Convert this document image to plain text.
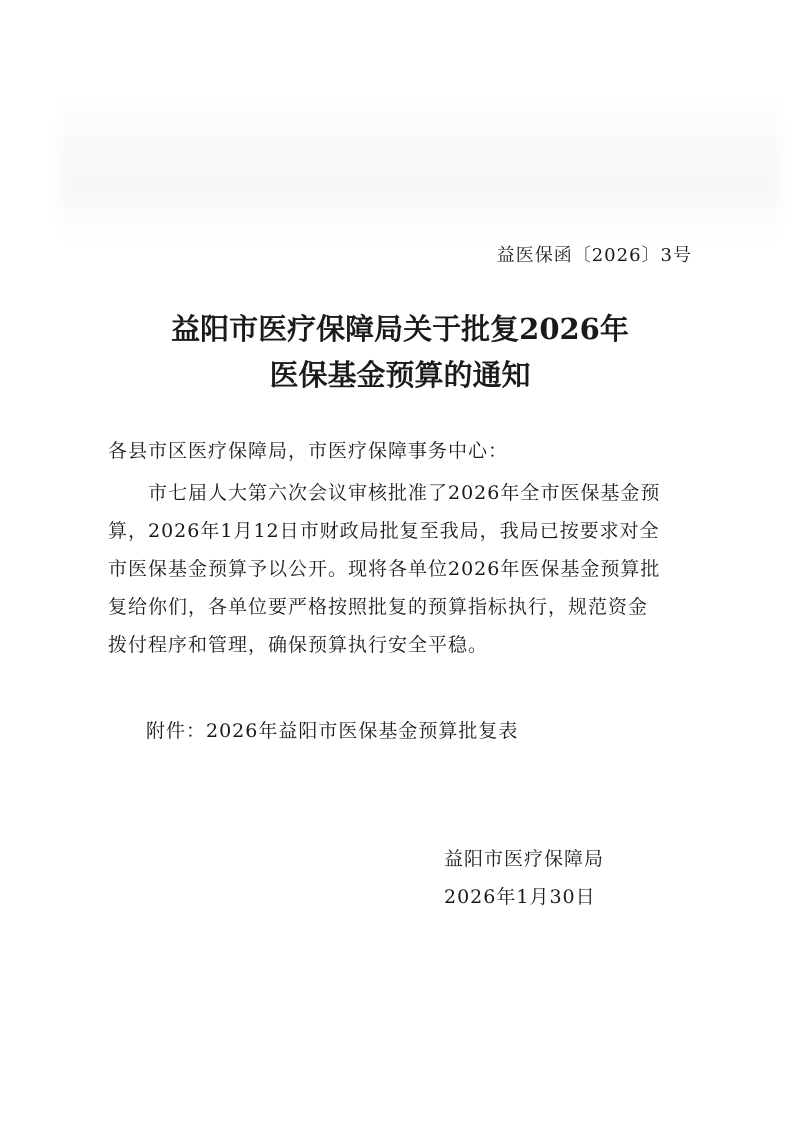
益医保函〔2026〕3号
益阳市医疗保障局关于批复2026年
医保基金预算的通知
各县市区医疗保障局，市医疗保障事务中心：
市七届人大第六次会议审核批准了2026年全市医保基金预
算，2026年1月12日市财政局批复至我局，我局已按要求对全
市医保基金预算予以公开。现将各单位2026年医保基金预算批
复给你们，各单位要严格按照批复的预算指标执行，规范资金
拨付程序和管理，确保预算执行安全平稳。
附件：2026年益阳市医保基金预算批复表
益阳市医疗保障局
2026年1月30日
